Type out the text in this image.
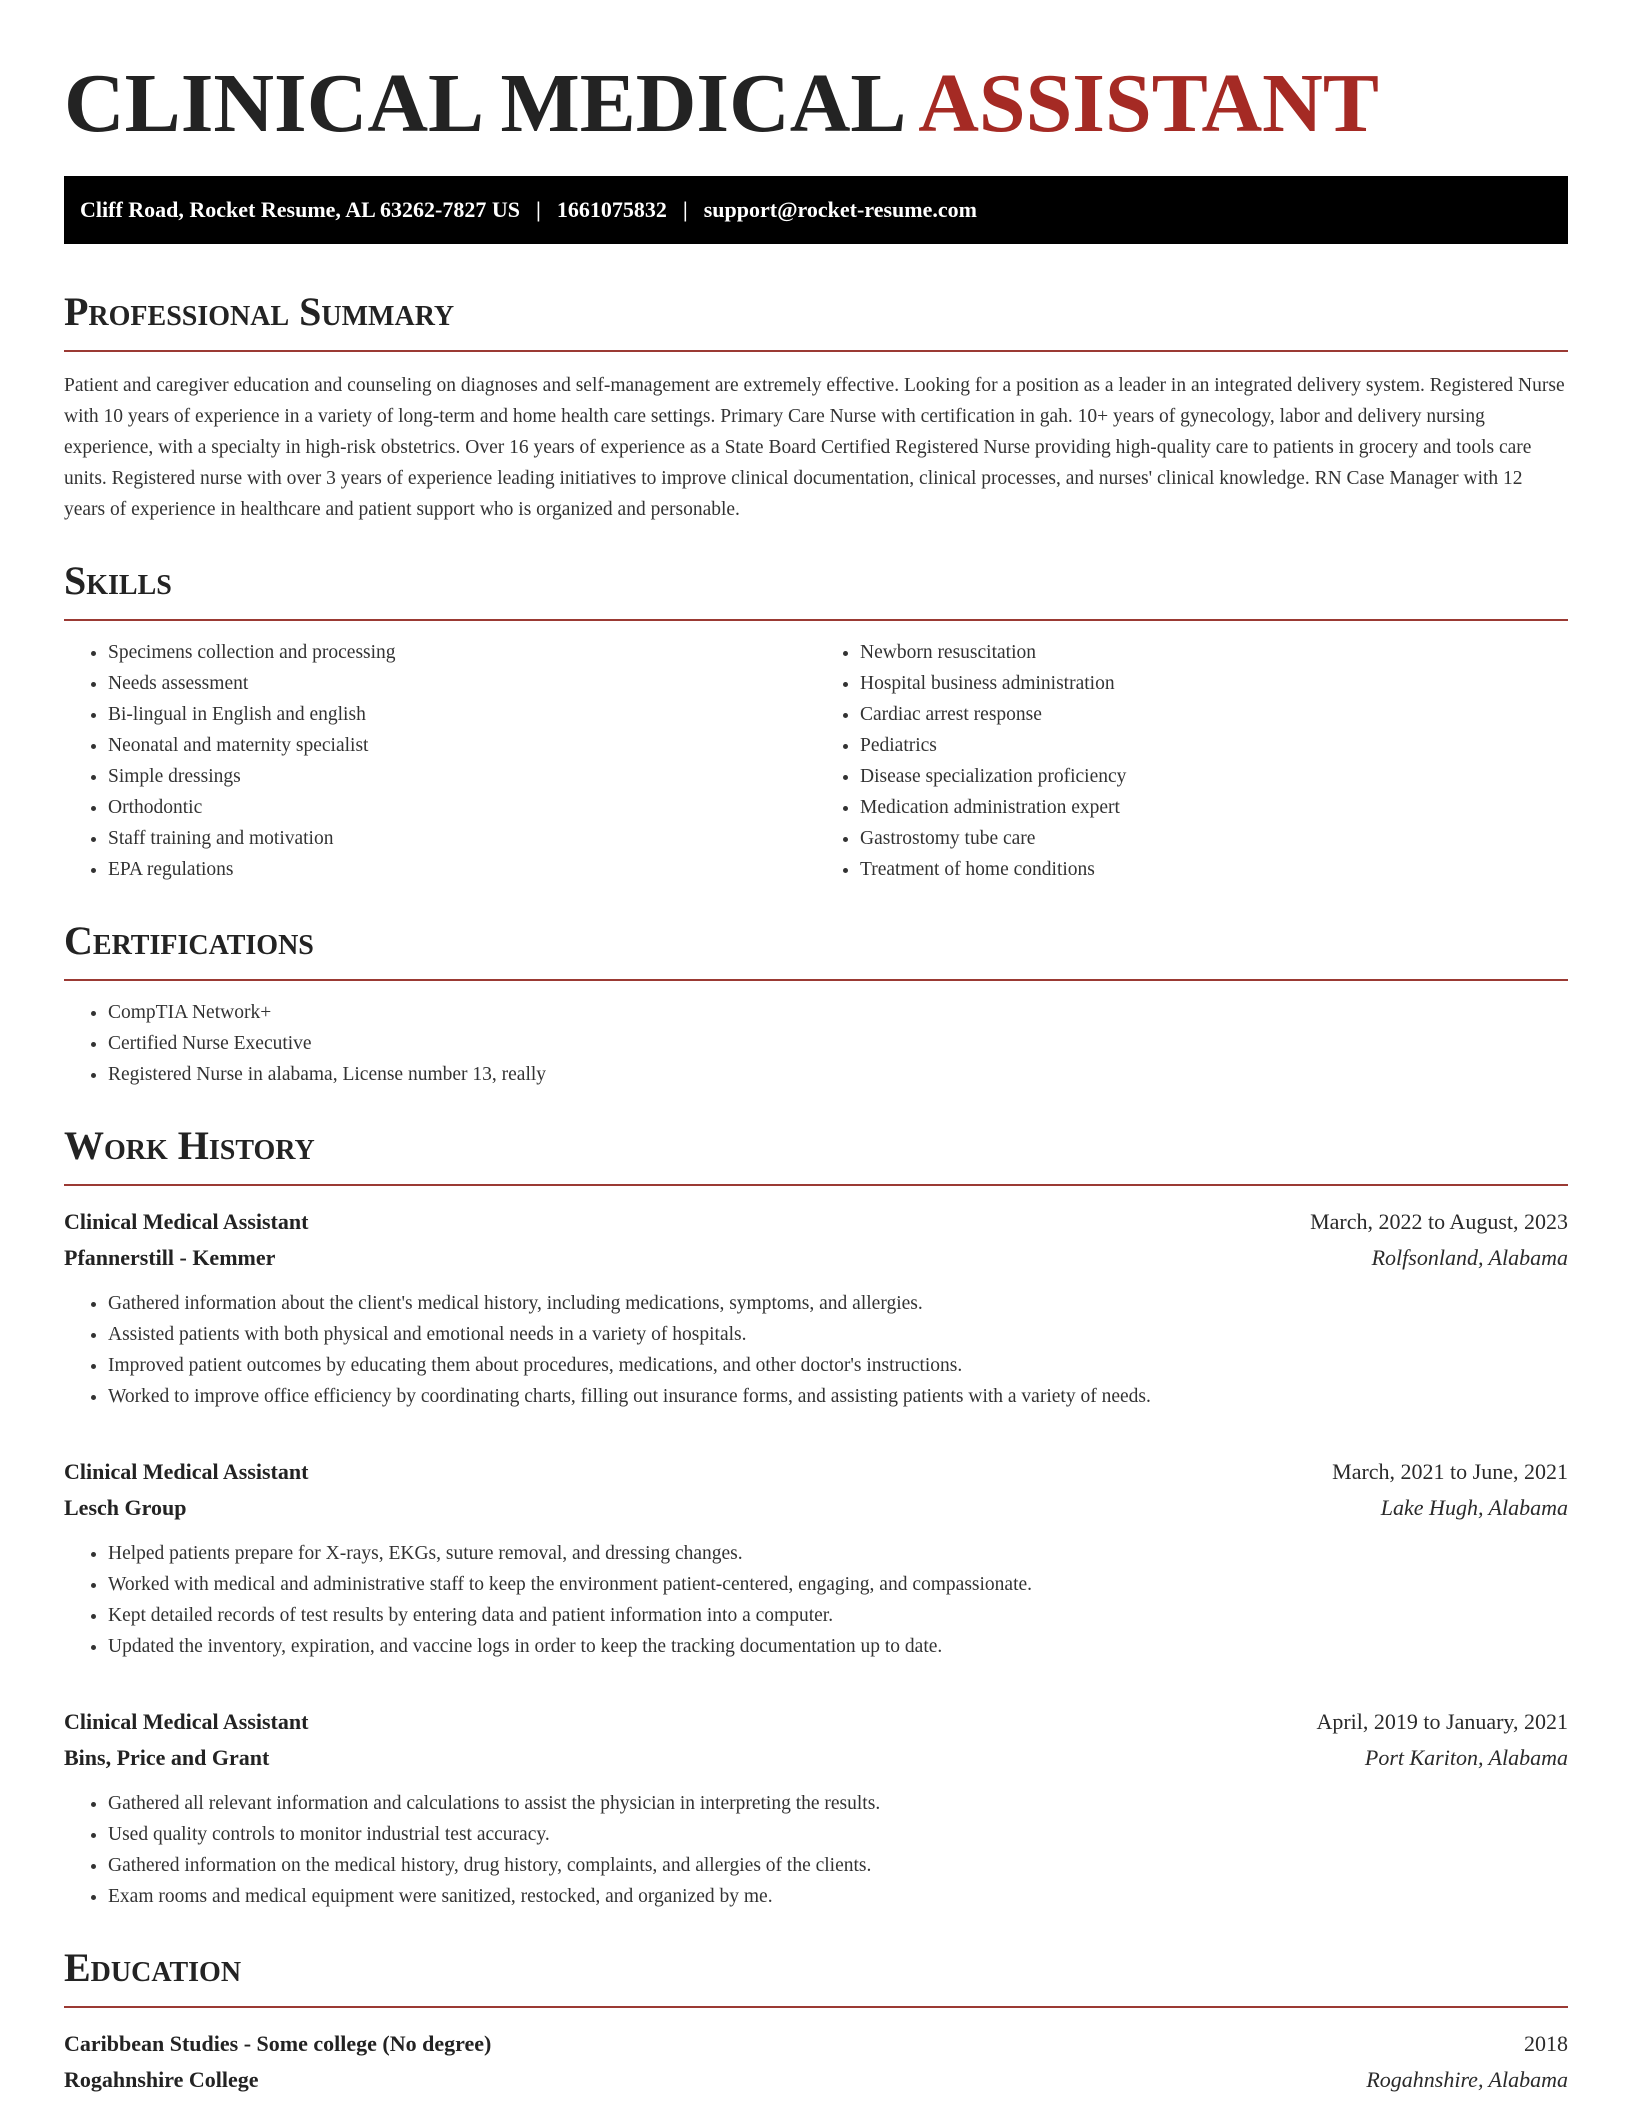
CLINICAL MEDICAL ASSISTANT
Cliff Road, Rocket Resume, AL 63262-7827 US | 1661075832 | support@rocket-resume.com
Professional Summary

Patient and caregiver education and counseling on diagnoses and self-management are extremely effective. Looking for a position as a leader in an integrated delivery system. Registered Nurse with 10 years of experience in a variety of long-term and home health care settings. Primary Care Nurse with certification in gah. 10+ years of gynecology, labor and delivery nursing experience, with a specialty in high-risk obstetrics. Over 16 years of experience as a State Board Certified Registered Nurse providing high-quality care to patients in grocery and tools care units. Registered nurse with over 3 years of experience leading initiatives to improve clinical documentation, clinical processes, and nurses' clinical knowledge. RN Case Manager with 12 years of experience in healthcare and patient support who is organized and personable.

Skills
• Specimens collection and processing
• Needs assessment
• Bi-lingual in English and english
• Neonatal and maternity specialist
• Simple dressings
• Orthodontic
• Staff training and motivation
• EPA regulations
• Newborn resuscitation
• Hospital business administration
• Cardiac arrest response
• Pediatrics
• Disease specialization proficiency
• Medication administration expert
• Gastrostomy tube care
• Treatment of home conditions
Certifications
• CompTIA Network+
• Certified Nurse Executive
• Registered Nurse in alabama, License number 13, really
Work History
Clinical Medical Assistant	March, 2022 to August, 2023
Pfannerstill - Kemmer	Rolfsonland, Alabama
• Gathered information about the client's medical history, including medications, symptoms, and allergies.
• Assisted patients with both physical and emotional needs in a variety of hospitals.
• Improved patient outcomes by educating them about procedures, medications, and other doctor's instructions.
• Worked to improve office efficiency by coordinating charts, filling out insurance forms, and assisting patients with a variety of needs.
Clinical Medical Assistant	March, 2021 to June, 2021
Lesch Group	Lake Hugh, Alabama
• Helped patients prepare for X-rays, EKGs, suture removal, and dressing changes.
• Worked with medical and administrative staff to keep the environment patient-centered, engaging, and compassionate.
• Kept detailed records of test results by entering data and patient information into a computer.
• Updated the inventory, expiration, and vaccine logs in order to keep the tracking documentation up to date.
Clinical Medical Assistant	April, 2019 to January, 2021
Bins, Price and Grant	Port Kariton, Alabama
• Gathered all relevant information and calculations to assist the physician in interpreting the results.
• Used quality controls to monitor industrial test accuracy.
• Gathered information on the medical history, drug history, complaints, and allergies of the clients.
• Exam rooms and medical equipment were sanitized, restocked, and organized by me.
Education
Caribbean Studies - Some college (No degree)	2018
Rogahnshire College	Rogahnshire, Alabama
